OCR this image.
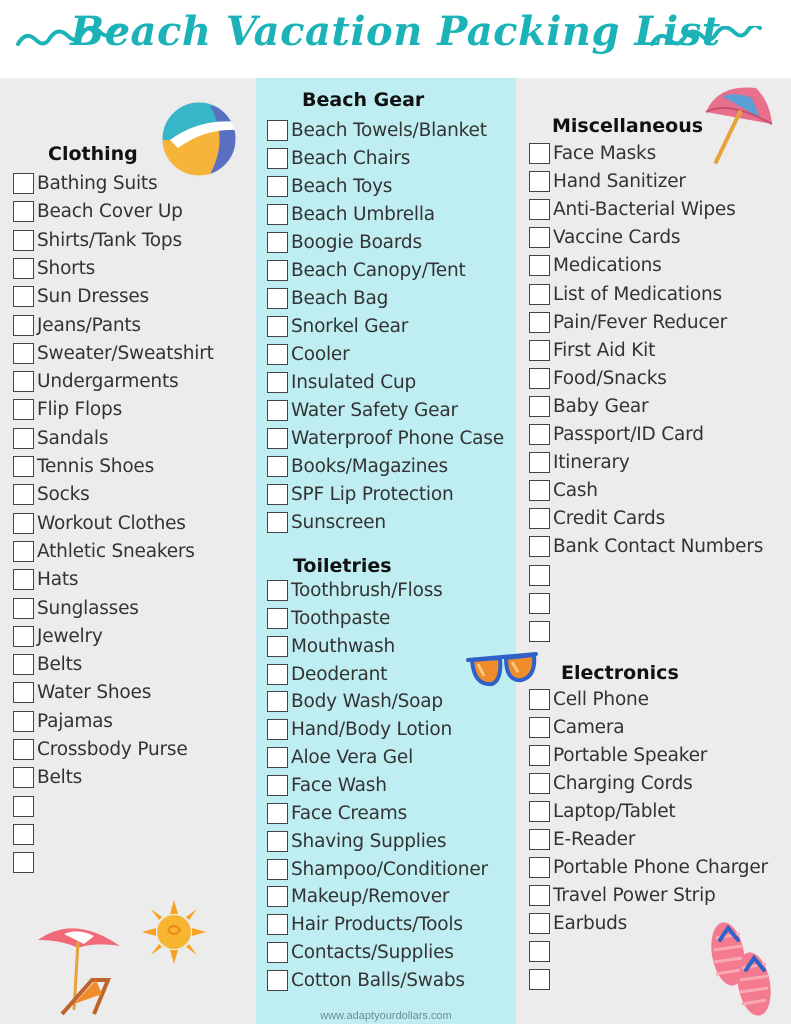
Beach Vacation Packing List
Clothing
Beach Gear
Toiletries
Miscellaneous
Electronics
Bathing Suits
Beach Cover Up
Shirts/Tank Tops
Shorts
Sun Dresses
Jeans/Pants
Sweater/Sweatshirt
Undergarments
Flip Flops
Sandals
Tennis Shoes
Socks
Workout Clothes
Athletic Sneakers
Hats
Sunglasses
Jewelry
Belts
Water Shoes
Pajamas
Crossbody Purse
Belts
Beach Towels/Blanket
Beach Chairs
Beach Toys
Beach Umbrella
Boogie Boards
Beach Canopy/Tent
Beach Bag
Snorkel Gear
Cooler
Insulated Cup
Water Safety Gear
Waterproof Phone Case
Books/Magazines
SPF Lip Protection
Sunscreen
Toothbrush/Floss
Toothpaste
Mouthwash
Deoderant
Body Wash/Soap
Hand/Body Lotion
Aloe Vera Gel
Face Wash
Face Creams
Shaving Supplies
Shampoo/Conditioner
Makeup/Remover
Hair Products/Tools
Contacts/Supplies
Cotton Balls/Swabs
Face Masks
Hand Sanitizer
Anti-Bacterial Wipes
Vaccine Cards
Medications
List of Medications
Pain/Fever Reducer
First Aid Kit
Food/Snacks
Baby Gear
Passport/ID Card
Itinerary
Cash
Credit Cards
Bank Contact Numbers
Cell Phone
Camera
Portable Speaker
Charging Cords
Laptop/Tablet
E-Reader
Portable Phone Charger
Travel Power Strip
Earbuds
www.adaptyourdollars.com
